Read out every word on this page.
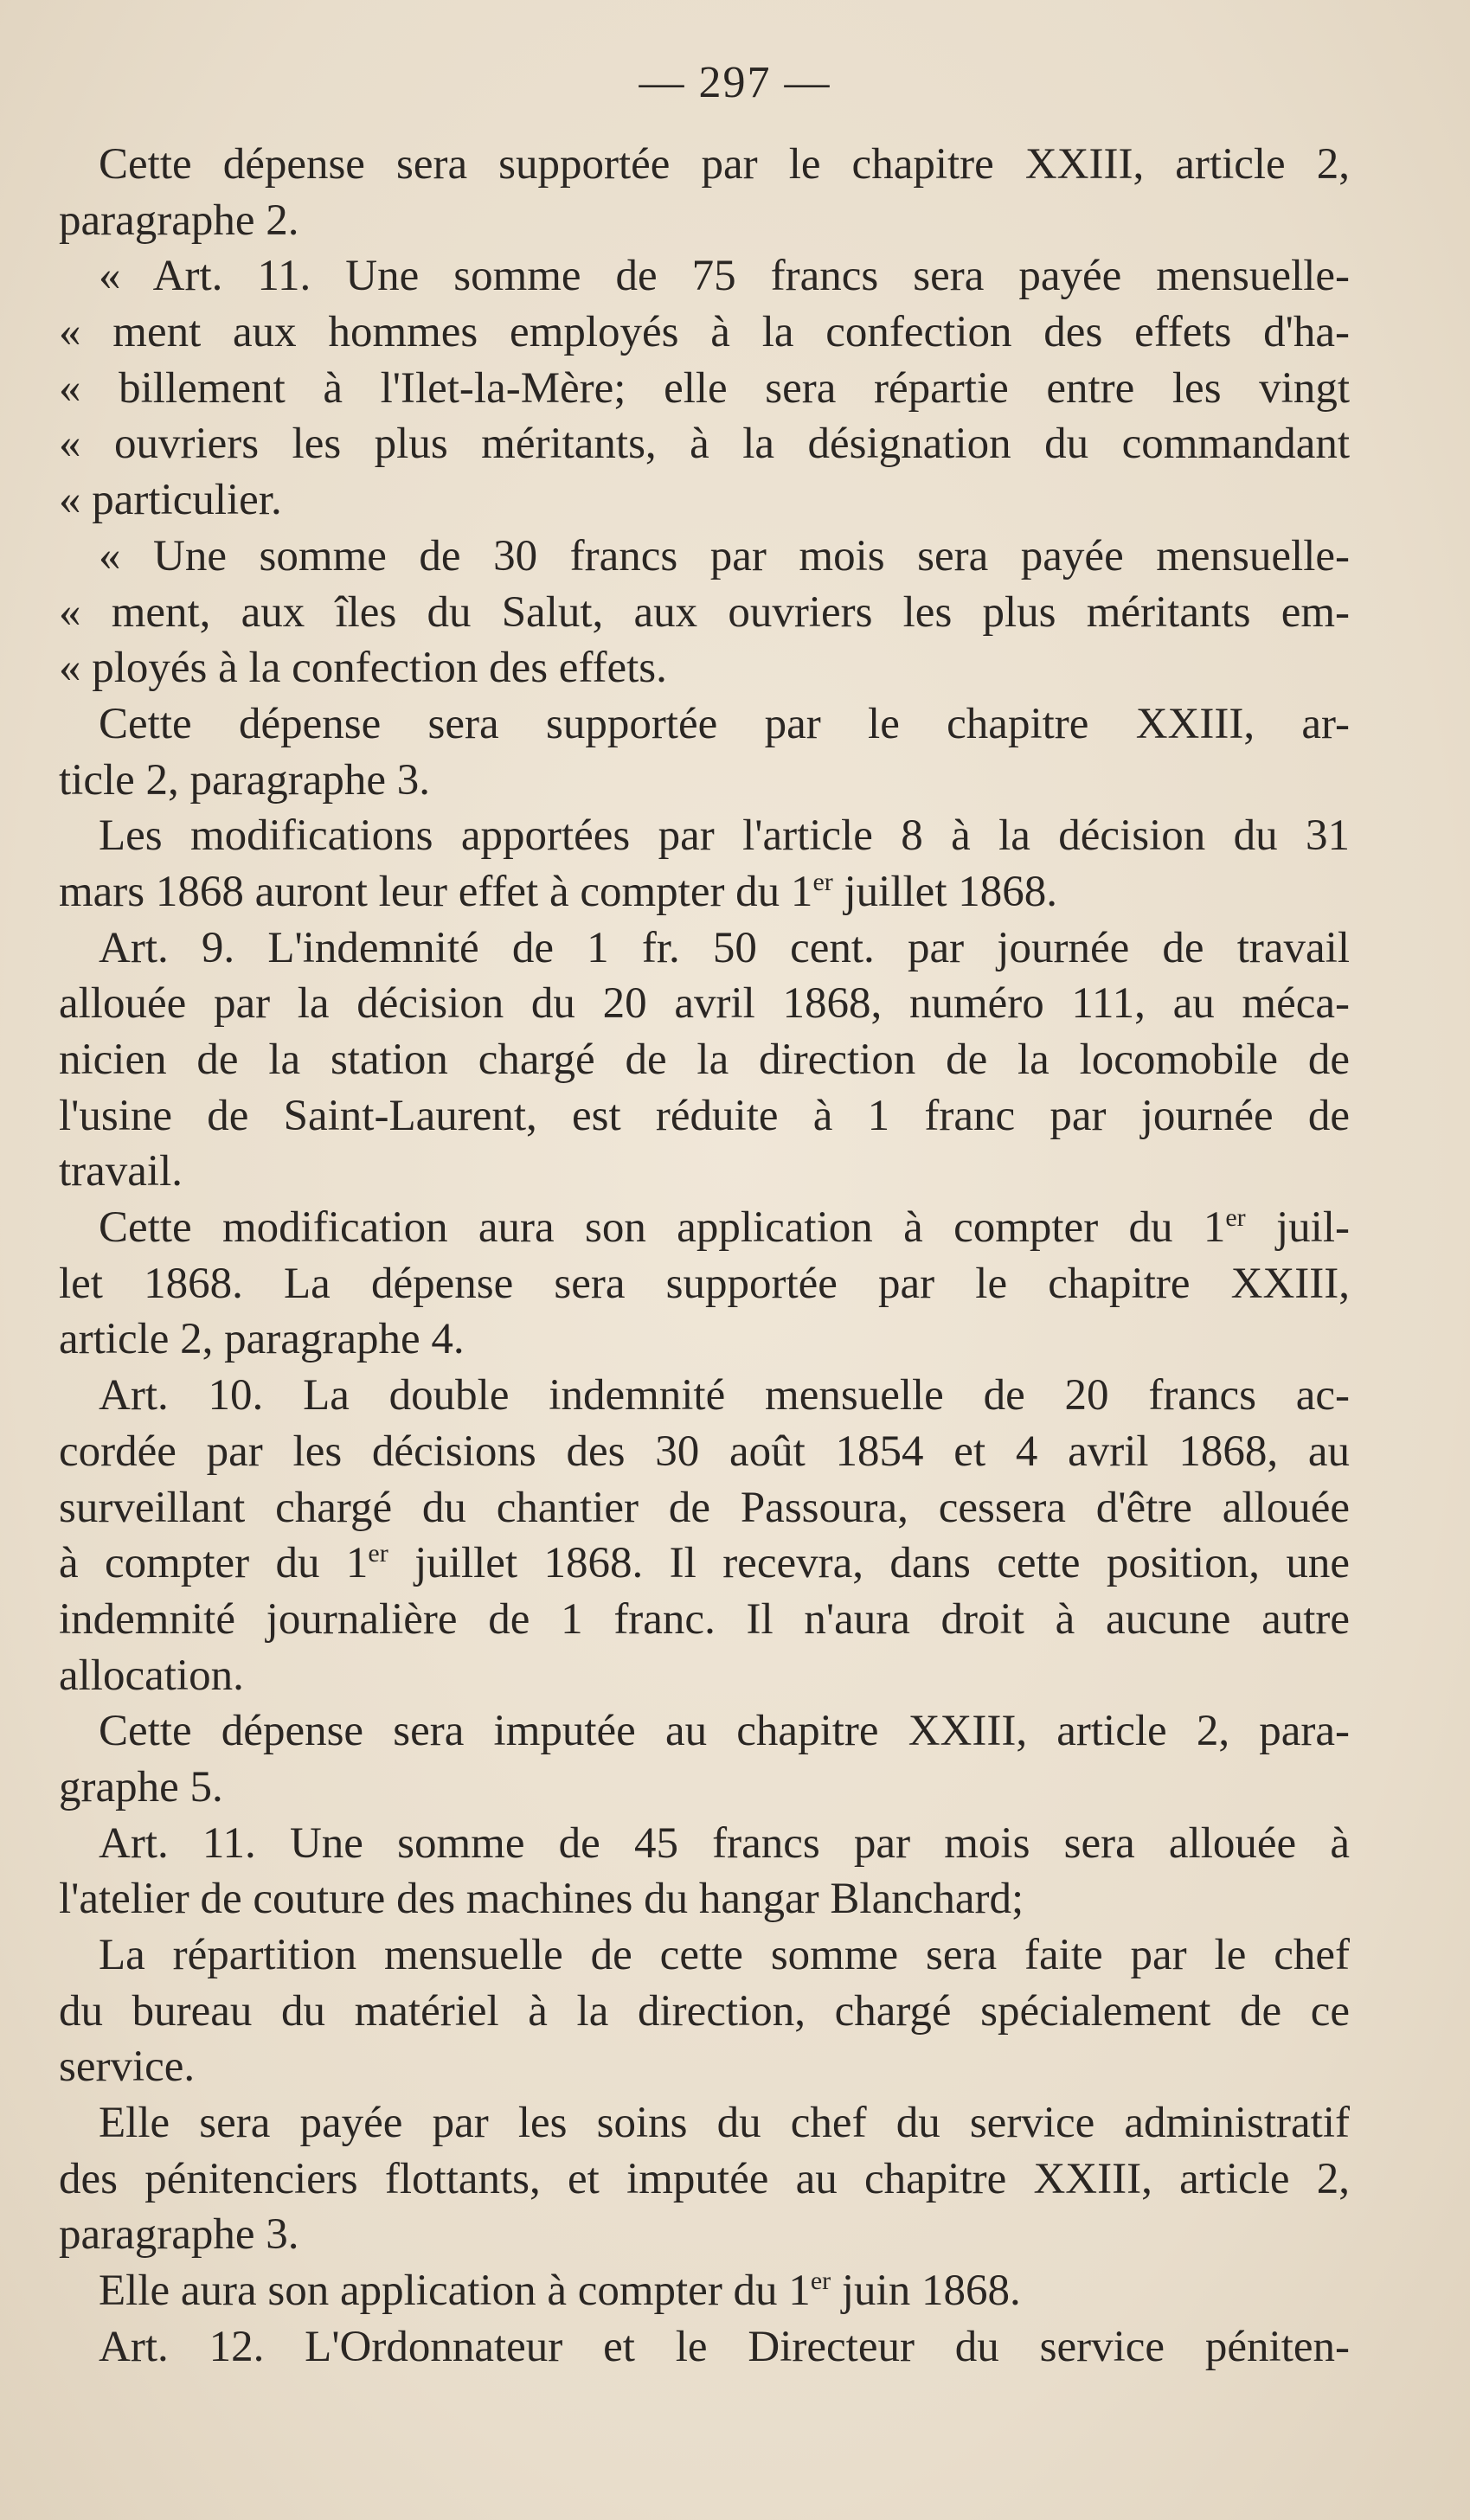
— 297 —
Cette dépense sera supportée par le chapitre XXIII, article 2,
paragraphe 2.
« Art. 11. Une somme de 75 francs sera payée mensuelle-
« ment aux hommes employés à la confection des effets d'ha-
« billement à l'Ilet-la-Mère; elle sera répartie entre les vingt
« ouvriers les plus méritants, à la désignation du commandant
« particulier.
« Une somme de 30 francs par mois sera payée mensuelle-
« ment, aux îles du Salut, aux ouvriers les plus méritants em-
« ployés à la confection des effets.
Cette dépense sera supportée par le chapitre XXIII, ar-
ticle 2, paragraphe 3.
Les modifications apportées par l'article 8 à la décision du 31
mars 1868 auront leur effet à compter du 1er juillet 1868.
Art. 9. L'indemnité de 1 fr. 50 cent. par journée de travail
allouée par la décision du 20 avril 1868, numéro 111, au méca-
nicien de la station chargé de la direction de la locomobile de
l'usine de Saint-Laurent, est réduite à 1 franc par journée de
travail.
Cette modification aura son application à compter du 1er juil-
let 1868. La dépense sera supportée par le chapitre XXIII,
article 2, paragraphe 4.
Art. 10. La double indemnité mensuelle de 20 francs ac-
cordée par les décisions des 30 août 1854 et 4 avril 1868, au
surveillant chargé du chantier de Passoura, cessera d'être allouée
à compter du 1er juillet 1868. Il recevra, dans cette position, une
indemnité journalière de 1 franc. Il n'aura droit à aucune autre
allocation.
Cette dépense sera imputée au chapitre XXIII, article 2, para-
graphe 5.
Art. 11. Une somme de 45 francs par mois sera allouée à
l'atelier de couture des machines du hangar Blanchard;
La répartition mensuelle de cette somme sera faite par le chef
du bureau du matériel à la direction, chargé spécialement de ce
service.
Elle sera payée par les soins du chef du service administratif
des pénitenciers flottants, et imputée au chapitre XXIII, article 2,
paragraphe 3.
Elle aura son application à compter du 1er juin 1868.
Art. 12. L'Ordonnateur et le Directeur du service péniten-
